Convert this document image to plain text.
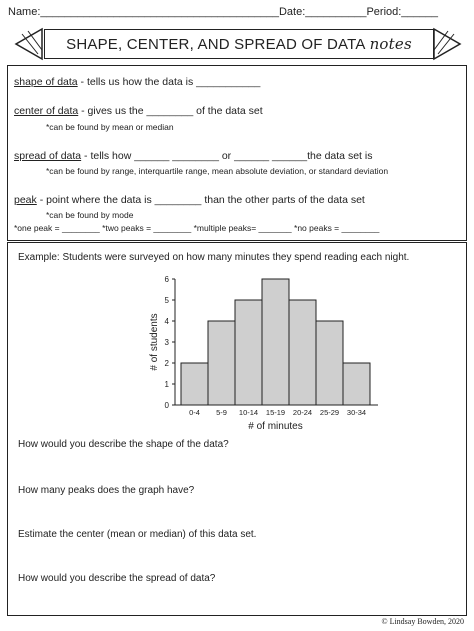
Name:_______________________________________Date:__________Period:______
SHAPE, CENTER, AND SPREAD OF DATA notes
shape of data - tells us how the data is ___________
center of data - gives us the ________ of the data set
*can be found by mean or median
spread of data - tells how ______ ________ or ______ ______the data set is
*can be found by range, interquartile range, mean absolute deviation, or standard deviation
peak - point where the data is ________ than the other parts of the data set
*can be found by mode
*one peak = ________ *two peaks = ________ *multiple peaks= _______ *no peaks = ________
Example: Students were surveyed on how many minutes they spend reading each night.
0
1
2
3
4
5
6
0-4 5-9 10-14 15-19 20-24 25-29 30-34
# of minutes
# of students
How would you describe the shape of the data?
How many peaks does the graph have?
Estimate the center (mean or median) of this data set.
How would you describe the spread of data?
© Lindsay Bowden, 2020
